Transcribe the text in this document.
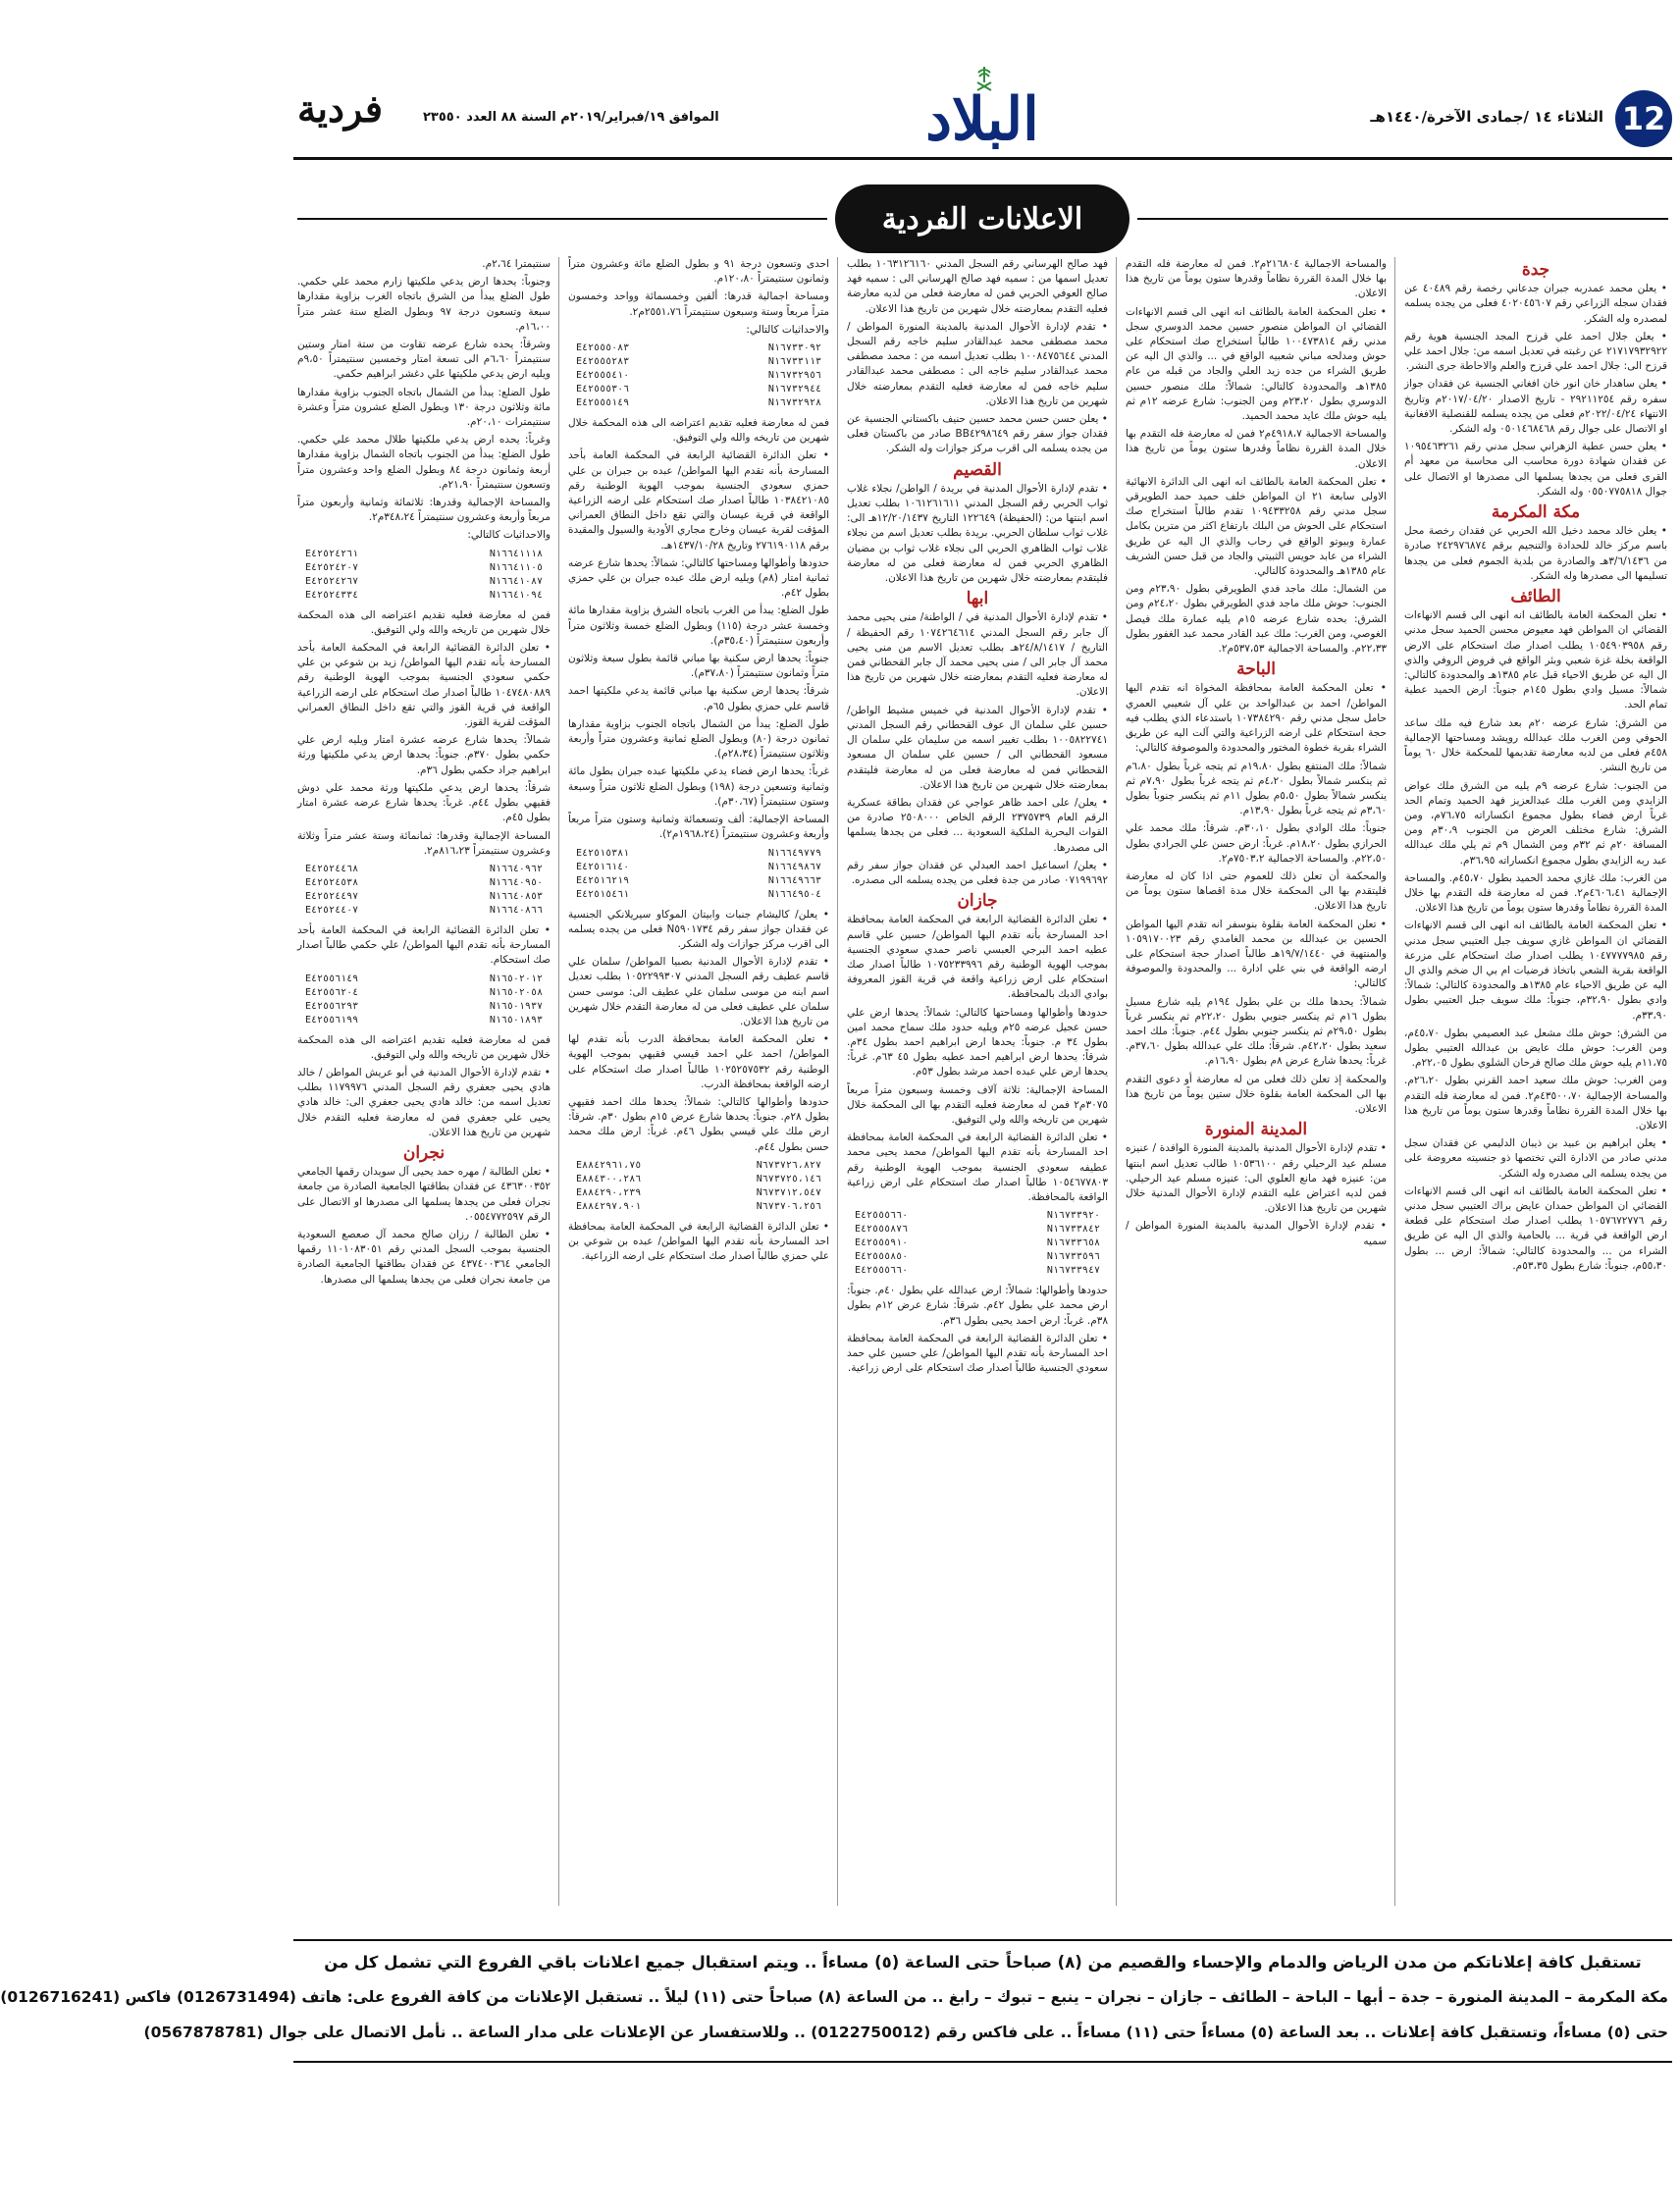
12
الثلاثاء ١٤ /جمادى الآخرة/١٤٤٠هـ
البلاد
الموافق ١٩/فبراير/٢٠١٩م السنة ٨٨ العدد ٢٣٥٥٠
فردية
الاعلانات الفردية
جدة

• يعلن محمد عمدربه جبران جدعاني رخصة رقم ٤٠٤٨٩ عن فقدان سجله الزراعي رقم ٤٠٢٠٤٥٦٠٧ فعلى من يجده يسلمه لمصدره وله الشكر.

• يعلن جلال احمد علي قرزح المجد الجنسية هوية رقم ٢١٧١٧٩٣٢٩٢٢ عن رغبته في تعديل اسمه من: جلال احمد علي قرزح الى: جلال احمد علي قرزح والعلم والاحاطة جرى النشر.

• يعلن ساهدار خان انور خان افغاني الجنسية عن فقدان جواز سفره رقم ٢٩٢١١٢٥٤ - تاريخ الاصدار ٢٠١٧/٠٤/٢٠م وتاريخ الانتهاء ٢٠٢٢/٠٤/٢٤م فعلى من يجده يسلمه للقنصلية الافغانية او الاتصال على جوال رقم ٠٥٠١٤٦٨٤٦٨ وله الشكر.

• يعلن حسن عطية الزهراني سجل مدني رقم ١٠٩٥٤٦٣٢٦١ عن فقدان شهادة دورة محاسب الى محاسبة من معهد أم القرى فعلى من يجدها يسلمها الى مصدرها او الاتصال على جوال ٠٥٥٠٧٧٥٨١٨ وله الشكر.

مكة المكرمة

• يعلن خالد محمد دخيل الله الحربي عن فقدان رخصة محل باسم مركز خالد للحدادة والتنجيم برقم ٢٤٢٩٧٦٨٧٤ صادرة من ٣/٦/١٤٣٦هـ والصادرة من بلدية الجموم فعلى من يجدها تسليمها الى مصدرها وله الشكر.

الطائف

• تعلن المحكمة العامة بالطائف انه انهى الى قسم الانهاءات القضائي ان المواطن فهد معيوض محسن الحميد سجل مدني رقم ١٠٥٤٩٠٣٩٥٨ يطلب اصدار صك استحكام على الارض الواقعة بخلة غزة شعبي وبئر الواقع في فروض الروفي والذي ال اليه عن طريق الاحياء قبل عام ١٣٨٥هـ والمحدودة كالتالي: شمالاً: مسيل وادي بطول ١٤٥م جنوباً: ارض الحميد عطية تمام الحد.

من الشرق: شارع عرضه ٢٠م بعد شارع فيه ملك ساعد الحوفي ومن الغرب ملك عبدالله رويشد ومساحتها الإجمالية ٤٥٨م فعلى من لديه معارضة تقديمها للمحكمة خلال ٦٠ يوماً من تاريخ النشر.

من الجنوب: شارع عرضه ٩م يليه من الشرق ملك عواض الزايدي ومن الغرب ملك عبدالعزيز فهد الحميد وتمام الحد غرباً ارض فضاء بطول مجموع انكساراته ٧٦،٧٥م، ومن الشرق: شارع مختلف العرض من الجنوب ٣٠،٩م ومن المسافة ٢٠م ثم ٣٢م ومن الشمال ٩م ثم يلي ملك عبدالله عبد ربه الزايدي بطول مجموع انكساراته ٣٦،٩٥م.

من الغرب: ملك غازي محمد الحميد بطول ٤٥،٧٠م. والمساحة الإجمالية ٤٦٠٦،٤١م٢. فمن له معارضة فله التقدم بها خلال المدة القررة نظاماً وقدرها ستون يوماً من تاريخ هذا الاعلان.

• تعلن المحكمة العامة بالطائف انه انهى الى قسم الانهاءات القضائي ان المواطن غازي سويف جبل العتيبي سجل مدني رقم ١٠٤٧٧٧٧٩٨٥ يطلب اصدار صك استحكام على مزرعة الواقعة بقرية الشعي باتخاذ فرضيات ام بي ال ضخم والذي ال اليه عن طريق الاحياء عام ١٣٨٥هـ والمحدودة كالتالي: شمالاً: وادي بطول ٣٢،٩٠م، جنوباً: ملك سويف جبل العتيبي بطول ٣٣،٩٠م.

من الشرق: حوش ملك مشعل عبد العصيمي بطول ٤٥،٧٠م، ومن الغرب: حوش ملك عايض بن عبدالله العتيبي بطول ١١،٧٥م يليه حوش ملك صالح فرحان الشلوي بطول ٢٢،٠٥م.

ومن الغرب: حوش ملك سعيد احمد القرني بطول ٢٦،٢٠م. والمساحة الإجمالية ٤٣٥٠٠،٧٠م٢. فمن له معارضة فله التقدم بها خلال المدة القررة نظاماً وقدرها ستون يوماً من تاريخ هذا الاعلان.

• يعلن ابراهيم بن عبيد بن ذيبان الدليمي عن فقدان سجل مدني صادر من الادارة التي تختصها ذو جنسيته معروضة على من يجده يسلمه الى مصدره وله الشكر.

• تعلن المحكمة العامة بالطائف انه انهى الى قسم الانهاءات القضائي ان المواطن حمدان عايض براك العتيبي سجل مدني رقم ١٠٥٧٦٧٢٧٧٦ يطلب اصدار صك استحكام على قطعة ارض الواقعة في قرية ... بالحامية والذي ال اليه عن طريق الشراء من ... والمحدودة كالتالي: شمالاً: ارض ... بطول ٥٥،٣٠م، جنوباً: شارع بطول ٥٣،٣٥م.

والمساحة الاجمالية ٢١٦٨٠٤م٢. فمن له معارضة فله التقدم بها خلال المدة القررة نظاماً وقدرها ستون يوماً من تاريخ هذا الاعلان.

• تعلن المحكمة العامة بالطائف انه انهى الى قسم الانهاءات القضائي ان المواطن منصور حسين محمد الدوسري سجل مدني رقم ١٠٠٤٧٣٨١٤ طالباً استخراج صك استحكام على حوش ومدلحه مباني شعبيه الواقع في ... والذي ال اليه عن طريق الشراء من جده زيد العلي والجاد من قبله من عام ١٣٨٥هـ والمحدودة كالتالي: شمالاً: ملك منصور حسين الدوسري بطول ٢٣،٢٠م ومن الجنوب: شارع عرضه ١٢م ثم يليه حوش ملك عايد محمد الحميد.

والمساحة الاجمالية ٤٩١٨،٧م٢ فمن له معارضة فله التقدم بها خلال المدة القررة نظاماً وقدرها ستون يوماً من تاريخ هذا الاعلان.

• تعلن المحكمة العامة بالطائف انه انهى الى الدائرة الانهائية الاولى سابعة ٢١ ان المواطن خلف حميد حمد الطويرقي سجل مدني رقم ١٠٩٤٣٣٢٥٨ تقدم طالباً استخراج صك استحكام على الحوش من البلك بارتفاع اكثر من مترين بكامل عمارة وبيوتو الواقع في رحاب والذي ال اليه عن طريق الشراء من عابد حويس الثبيتي والجاد من قبل حسن الشريف عام ١٣٨٥هـ والمحدودة كالتالي.

من الشمال: ملك ماجد فدي الطويرقي بطول ٢٣،٩٠م ومن الجنوب: حوش ملك ماجد فدي الطويرقي بطول ٢٤،٢٠م ومن الشرق: بحده شارع عرضه ١٥م يليه عمارة ملك فيصل الغوصي، ومن الغرب: ملك عبد القادر محمد عبد الغفور بطول ٢٢،٣٣م. والمساحة الاجمالية ٥٣٧،٥٣م٢.

الباحة

• تعلن المحكمة العامة بمحافظة المخواة انه تقدم اليها المواطن/ احمد بن عبدالواحد بن علي آل شعيبي العمري حامل سجل مدني رقم ١٠٧٣٨٤٢٩٠ باستدعاء الذي يطلب فيه حجة استحكام على ارضه الزراعية والتي آلت اليه عن طريق الشراء بقرية خطوة المختور والمحدودة والموصوفة كالتالي:

شمالاً: ملك المنتفع بطول ١٩،٨٠م ثم يتجه غرباً بطول ٦،٨٠م ثم ينكسر شمالاً بطول ٤،٢٠م ثم يتجه غرباً بطول ٧،٩٠م ثم ينكسر شمالاً بطول ٥،٥٠م بطول ١١م ثم ينكسر جنوباً بطول ٣،٦٠م ثم يتجه غرباً بطول ١٣،٩٠م.

جنوباً: ملك الوادي بطول ٣٠،١٠م. شرقاً: ملك محمد علي الحرازي بطول ١٨،٢٠م. غرباً: ارض حسن علي الجرادي بطول ٢٢،٥٠م. والمساحة الاجمالية ٧٥٠٣،٢م٢.

والمحكمة أن تعلن ذلك للعموم حتى اذا كان له معارضة فليتقدم بها الى المحكمة خلال مدة اقصاها ستون يوماً من تاريخ هذا الاعلان.

• تعلن المحكمة العامة بقلوة بنوسفر انه تقدم اليها المواطن الحسين بن عبدالله بن محمد الغامدي رقم ١٠٥٩١٧٠٠٢٣ والمنتهية في ١٩/٧/١٤٤٠هـ طالباً اصدار حجة استحكام على ارضه الواقعة في بني علي ادارة ... والمحدودة والموصوفة كالتالي:

شمالاً: يحدها ملك بن علي بطول ١٩٤م يليه شارع مسيل بطول ١٦م ثم ينكسر جنوبي بطول ٢٢،٢٠م ثم ينكسر غرباً بطول ٢٩،٥٠م ثم ينكسر جنوبي بطول ٤٤م. جنوباً: ملك احمد سعيد بطول ٤٢،٢٠م. شرقاً: ملك علي عبدالله بطول ٣٧،٦٠م. غرباً: يحدها شارع عرض ٨م بطول ١٦،٩٠م.

والمحكمة إذ تعلن ذلك فعلى من له معارضة أو دعوى التقدم بها الى المحكمة العامة بقلوة خلال ستين يوماً من تاريخ هذا الاعلان.

المدينة المنورة

• تقدم لإدارة الأحوال المدنية بالمدينة المنورة الوافدة / عنيزه مسلم عيد الرحيلي رقم ١٠٥٣٦١٠٠ طالب تعديل اسم ابنتها من: عنيزه فهد مانع العلوي الى: عنيزه مسلم عيد الرحيلي. فمن لديه اعتراض عليه التقدم لإدارة الأحوال المدنية خلال شهرين من تاريخ هذا الاعلان.

• تقدم لإدارة الأحوال المدنية بالمدينة المنورة المواطن / سميه

فهد صالح الهرساني رقم السجل المدني ١٠٦٣١٢٦١٦٠ بطلب تعديل اسمها من : سميه فهد صالح الهرساني الى : سميه فهد صالح العوفي الحربي فمن له معارضة فعلى من لديه معارضة فعليه التقدم بمعارضته خلال شهرين من تاريخ هذا الاعلان.

• تقدم لإدارة الأحوال المدنية بالمدينة المنورة المواطن / محمد مصطفى محمد عبدالقادر سليم خاجه رقم السجل المدني ١٠٠٨٤٧٥٦٤٤ بطلب تعديل اسمه من : محمد مصطفى محمد عبدالقادر سليم خاجه الى : مصطفى محمد عبدالقادر سليم خاجه فمن له معارضة فعليه التقدم بمعارضته خلال شهرين من تاريخ هذا الاعلان.

• يعلن حسن حسن محمد حسين حنيف باكستاني الجنسية عن فقدان جواز سفر رقم BB٤٢٩٨٦٤٩ صادر من باكستان فعلى من يجده يسلمه الى اقرب مركز جوازات وله الشكر.

القصيم

• تقدم لإدارة الأحوال المدنية في بريدة / الواطن/ نجلاء غلاب ثواب الحربي رقم السجل المدني ١٠٦١٢٦١٦١١ بطلب تعديل اسم ابنتها من: (الحفيظة) ١٢٢٦٤٩ التاريخ ١٢/٢٠/١٤٣٧هـ الى: غلاب ثواب سلطان الحربي. بريدة بطلب تعديل اسم من نجلاء غلاب ثواب الظاهري الحربي الى نجلاء غلاب ثواب بن مضيان الظاهري الحربي فمن له معارضة فعلى من له معارضة فليتقدم بمعارضته خلال شهرين من تاريخ هذا الاعلان.

ابها

• تقدم لإدارة الأحوال المدنية في / الواطنة/ منى يحيى محمد آل جابر رقم السجل المدني ١٠٧٤٢٦٤٦١٤ رقم الحفيظة / التاريخ / ٢٤/٨/١٤١٧هـ بطلب تعديل الاسم من منى يحيى محمد آل جابر الى / منى يحيى محمد آل جابر القحطاني فمن له معارضة فعليه التقدم بمعارضته خلال شهرين من تاريخ هذا الاعلان.

• تقدم لإدارة الأحوال المدنية في خميس مشيط الواطن/حسين علي سلمان ال عوف القحطاني رقم السجل المدني ١٠٠٥٨٢٢٧٤١ بطلب تغيير اسمه من سليمان علي سلمان ال مسعود القحطاني الى / حسين علي سلمان ال مسعود القحطاني فمن له معارضة فعلى من له معارضة فليتقدم بمعارضته خلال شهرين من تاريخ هذا الاعلان.

• يعلن/ على احمد ظاهر عواجي عن فقدان بطاقة عسكرية الرقم العام ٢٣٧٥٧٣٩ الرقم الخاص ٢٥٠٨٠٠٠ صادرة من القوات البحرية الملكية السعودية ... فعلى من يجدها يسلمها الى مصدرها.

• يعلن/ اسماعيل احمد العبدلي عن فقدان جواز سفر رقم ٠٧١٩٩٦٩٢ صادر من جدة فعلى من يجده يسلمه الى مصدره.

جازان

• تعلن الدائرة القضائية الرابعة في المحكمة العامة بمحافظة احد المسارحة بأنه تقدم اليها المواطن/ حسين علي قاسم عطيه احمد البرجي العبسي ناصر حمدي سعودي الجنسية بموجب الهوية الوطنية رقم ١٠٧٥٢٣٣٩٩٦ طالباً اصدار صك استحكام على ارض زراعية واقعة في قرية القوز المعروفة بوادي الدبك بالمحافظة.

حدودها وأطوالها ومساحتها كالتالي: شمالاً: يحدها ارض علي حسن عجيل عرضه ٢٥م ويليه حدود ملك سماح محمد امين بطول ٣٤ م. جنوباً: يحدها ارض ابراهيم احمد بطول ٣٤م. شرقاً: يحدها ارض ابراهيم احمد عطيه بطول ٤٥ ٦٣م. غرباً: يحدها ارض علي عبده احمد مرشد بطول ٥٣م.

المساحة الإجمالية: ثلاثة آلاف وخمسة وسبعون متراً مربعاً ٣٠٧٥م٢ فمن له معارضة فعليه التقدم بها الى المحكمة خلال شهرين من تاريخه والله ولي التوفيق.

• تعلن الدائرة القضائية الرابعة في المحكمة العامة بمحافظة احد المسارحة بأنه تقدم اليها المواطن/ محمد يحيى محمد عطيفه سعودي الجنسية بموجب الهوية الوطنية رقم ١٠٥٤٦٧٧٨٠٣ طالباً اصدار صك استحكام على ارض زراعية الواقعة بالمحافظة.

E٤٢٥٥٥٦٦٠	N١٦٧٣٣٩٢٠
E٤٢٥٥٥٨٧٦	N١٦٧٣٣٨٤٢
E٤٢٥٥٥٩١٠	N١٦٧٣٣٦٥٨
E٤٢٥٥٥٨٥٠	N١٦٧٣٣٥٩٦
E٤٢٥٥٥٦٦٠	N١٦٧٣٣٩٤٧

حدودها وأطوالها: شمالاً: ارض عبدالله علي بطول ٤٠م. جنوباً: ارض محمد علي بطول ٤٢م. شرقاً: شارع عرض ١٢م بطول ٣٨م. غرباً: ارض احمد يحيى بطول ٣٦م.

• تعلن الدائرة القضائية الرابعة في المحكمة العامة بمحافظة احد المسارحة بأنه تقدم اليها المواطن/ علي حسين علي حمد سعودي الجنسية طالباً اصدار صك استحكام على ارض زراعية.

احدى وتسعون درجة ٩١ و بطول الضلع مائة وعشرون متراً وثمانون سنتيمتراً ١٢٠،٨٠م.

ومساحة اجمالية قدرها: ألفين وخمسمائة وواحد وخمسون متراً مربعاً وستة وسبعون سنتيمتراً ٢٥٥١،٧٦م٢.

والاحداثيات كالتالي:

E٤٢٥٥٥٠٨٣	N١٦٧٣٣٠٩٢
E٤٢٥٥٥٢٨٣	N١٦٧٣٣١١٣
E٤٢٥٥٥٤١٠	N١٦٧٣٢٩٥٦
E٤٢٥٥٥٣٠٦	N١٦٧٣٢٩٤٤
E٤٢٥٥٥١٤٩	N١٦٧٣٢٩٢٨

فمن له معارضة فعليه تقديم اعتراضه الى هذه المحكمة خلال شهرين من تاريخه والله ولي التوفيق.

• تعلن الدائرة القضائية الرابعة في المحكمة العامة بأحد المسارحة بأنه تقدم اليها المواطن/ عبده بن جبران بن علي حمزي سعودي الجنسية بموجب الهوية الوطنية رقم ١٠٣٨٤٢١٠٨٥ طالباً اصدار صك استحكام على ارضه الزراعية الواقعة في قرية عيسان والتي تقع داخل النطاق العمراني المؤقت لقرية عيسان وخارج مجاري الأودية والسيول والمقيدة برقم ٢٧٦١٩٠١١٨ وتاريخ ١٤٣٧/١٠/٢٨هـ.

حدودها وأطوالها ومساحتها كالتالي: شمالاً: يحدها شارع عرضه ثمانية امتار (٨م) ويليه ارض ملك عبده جبران بن علي حمزي بطول ٤٢م.

طول الضلع: يبدأ من الغرب باتجاه الشرق بزاوية مقدارها مائة وخمسة عشر درجة (١١٥) وبطول الضلع خمسة وثلاثون متراً وأربعون سنتيمتراً (٣٥،٤٠م).

جنوباً: يحدها ارض سكنية بها مباني قائمة بطول سبعة وثلاثون متراً وثمانون سنتيمتراً (٣٧،٨٠م).

شرقاً: يحدها ارض سكنية بها مباني قائمة يدعي ملكيتها احمد قاسم علي حمزي بطول ٦٥م.

طول الضلع: يبدأ من الشمال باتجاه الجنوب بزاوية مقدارها ثمانون درجة (٨٠) وبطول الضلع ثمانية وعشرون متراً وأربعة وثلاثون سنتيمتراً (٢٨،٣٤م).

غرباً: يحدها ارض فضاء يدعي ملكيتها عبده جبران بطول مائة وثمانية وتسعين درجة (١٩٨) وبطول الضلع ثلاثون متراً وسبعة وستون سنتيمتراً (٣٠،٦٧م).

المساحة الإجمالية: ألف وتسعمائة وثمانية وستون متراً مربعاً وأربعة وعشرون سنتيمتراً (١٩٦٨،٢٤م٢).

E٤٢٥١٥٣٨١	N١٦٦٤٩٧٧٩
E٤٢٥١٦١٤٠	N١٦٦٤٩٨٦٧
E٤٢٥١٦٢١٩	N١٦٦٤٩٦٦٣
E٤٢٥١٥٤٦١	N١٦٦٤٩٥٠٤

• يعلن/ كاليشام جنبات وابيتان الموكاو سيريلانكي الجنسية عن فقدان جواز سفر رقم N٥٩٠١٧٣٤ فعلى من يجده يسلمه الى اقرب مركز جوازات وله الشكر.

• تقدم لإدارة الأحوال المدنية بصبيا المواطن/ سلمان علي قاسم عطيف رقم السجل المدني ١٠٥٢٢٩٩٣٠٧ بطلب تعديل اسم ابنه من موسى سلمان علي عطيف الى: موسى حسن سلمان علي عطيف فعلى من له معارضة التقدم خلال شهرين من تاريخ هذا الاعلان.

• تعلن المحكمة العامة بمحافظة الدرب بأنه تقدم لها المواطن/ احمد علي احمد قيسي فقيهي بموجب الهوية الوطنية رقم ١٠٢٥٢٥٧٥٣٢ طالباً اصدار صك استحكام على ارضه الواقعة بمحافظة الدرب.

حدودها وأطوالها كالتالي: شمالاً: يحدها ملك احمد فقيهي بطول ٢٨م. جنوباً: يحدها شارع عرض ١٥م بطول ٣٠م. شرقاً: ارض ملك علي قيسي بطول ٤٦م. غرباً: ارض ملك محمد حسن بطول ٤٤م.

E٨٨٤٢٩٦١،٧٥	N٦٧٣٧٢٦،٨٢٧
E٨٨٤٣٠٠،٢٨٦	N٦٧٣٧٢٥،١٤٦
E٨٨٤٢٩٠،٢٣٩	N٦٧٣٧١٢،٥٤٧
E٨٨٤٢٩٧،٩٠١	N٦٧٣٧٠٦،٢٥٦

• تعلن الدائرة القضائية الرابعة في المحكمة العامة بمحافظة احد المسارحة بأنه تقدم اليها المواطن/ عبده بن شوعي بن علي حمزي طالباً اصدار صك استحكام على ارضه الزراعية.

سنتيمترا ٢،٦٤م.

وجنوباً: يحدها ارض يدعي ملكيتها زارم محمد علي حكمي. طول الضلع يبدأ من الشرق باتجاه الغرب بزاوية مقدارها سبعة وتسعون درجة ٩٧ وبطول الضلع ستة عشر متراً ١٦،٠٠م.

وشرقاً: يحده شارع عرضه تقاوت من ستة امتار وستين سنتيمتراً ٦،٦٠م الى تسعة امتار وخمسين سنتيمتراً ٩،٥٠م ويليه ارض يدعي ملكيتها علي دغشر ابراهيم حكمي.

طول الضلع: يبدأ من الشمال باتجاه الجنوب بزاوية مقدارها مائة وثلاثون درجة ١٣٠ وبطول الضلع عشرون متراً وعشرة سنتيمترات ٢٠،١٠م.

وغرباً: يحده ارض يدعي ملكيتها طلال محمد علي حكمي. طول الضلع: يبدأ من الجنوب باتجاه الشمال بزاوية مقدارها أربعة وثمانون درجة ٨٤ وبطول الضلع واحد وعشرون متراً وتسعون سنتيمتراً ٢١،٩٠م.

والمساحة الإجمالية وقدرها: ثلاثمائة وثمانية وأربعون متراً مربعاً وأربعة وعشرون سنتيمتراً ٣٤٨،٢٤م٢.

والاحداثيات كالتالي:

E٤٢٥٢٤٢٦١	N١٦٦٤١١١٨
E٤٢٥٢٤٢٠٧	N١٦٦٤١١٠٥
E٤٢٥٢٤٢٦٧	N١٦٦٤١٠٨٧
E٤٢٥٢٤٣٣٤	N١٦٦٤١٠٩٤

فمن له معارضة فعليه تقديم اعتراضه الى هذه المحكمة خلال شهرين من تاريخه والله ولي التوفيق.

• تعلن الدائرة القضائية الرابعة في المحكمة العامة بأحد المسارحة بأنه تقدم اليها المواطن/ زيد بن شوعي بن علي حكمي سعودي الجنسية بموجب الهوية الوطنية رقم ١٠٤٧٤٨٠٨٨٩ طالباً اصدار صك استحكام على ارضه الزراعية الواقعة في قرية القوز والتي تقع داخل النطاق العمراني المؤقت لقرية القوز.

شمالاً: يحدها شارع عرضه عشرة امتار ويليه ارض علي حكمي بطول ٣٧٠م. جنوباً: يحدها ارض يدعي ملكيتها ورثة ابراهيم جراد حكمي بطول ٣٦م.

شرقاً: يحدها ارض يدعي ملكيتها ورثة محمد علي دوش فقيهي بطول ٤٤م. غرباً: يحدها شارع عرضه عشرة امتار بطول ٤٥م.

المساحة الإجمالية وقدرها: ثمانمائة وستة عشر متراً وثلاثة وعشرون سنتيمتراً ٨١٦،٢٣م٢.

E٤٢٥٢٤٤٦٨	N١٦٦٤٠٩٦٢
E٤٢٥٢٤٥٣٨	N١٦٦٤٠٩٥٠
E٤٢٥٢٤٤٩٧	N١٦٦٤٠٨٥٣
E٤٢٥٢٤٤٠٧	N١٦٦٤٠٨٦٦

• تعلن الدائرة القضائية الرابعة في المحكمة العامة بأحد المسارحة بأنه تقدم اليها المواطن/ علي حكمي طالباً اصدار صك استحكام.

E٤٢٥٥٦١٤٩	N١٦٥٠٢٠١٢
E٤٢٥٥٦٢٠٤	N١٦٥٠٢٠٥٨
E٤٢٥٥٦٢٩٣	N١٦٥٠١٩٣٧
E٤٢٥٥٦١٩٩	N١٦٥٠١٨٩٣

فمن له معارضة فعليه تقديم اعتراضه الى هذه المحكمة خلال شهرين من تاريخه والله ولي التوفيق.

• تقدم لإدارة الأحوال المدنية في أبو عريش المواطن / خالد هادي يحيى جعفري رقم السجل المدني ١١٧٩٩٧٦ بطلب تعديل اسمه من: خالد هادي يحيى جعفري الى: خالد هادي يحيى علي جعفري فمن له معارضة فعليه التقدم خلال شهرين من تاريخ هذا الاعلان.

نجران

• تعلن الطالبة / مهره حمد يحيى آل سويدان رقمها الجامعي ٤٣٦٣٠٠٣٥٢ عن فقدان بطاقتها الجامعية الصادرة من جامعة نجران فعلى من يجدها يسلمها الى مصدرها او الاتصال على الرقم ٠٥٥٤٧٧٢٥٩٧.

• تعلن الطالبة / رزان صالح محمد آل صعصع السعودية الجنسية بموجب السجل المدني رقم ١١٠١٠٨٣٠٥١ رقمها الجامعي ٤٣٧٤٠٠٣٦٤ عن فقدان بطاقتها الجامعية الصادرة من جامعة نجران فعلى من يجدها يسلمها الى مصدرها.

تستقبل كافة إعلاناتكم من مدن الرياض والدمام والإحساء والقصيم من (٨) صباحاً حتى الساعة (٥) مساءاً .. ويتم استقبال جميع اعلانات باقي الفروع التي تشمل كل من
مكة المكرمة – المدينة المنورة – جدة – أبها – الباحة – الطائف – جازان – نجران – ينبع – تبوك – رابغ .. من الساعة (٨) صباحاً حتى (١١) ليلاً .. تستقبل الإعلانات من كافة الفروع على: هاتف (0126731494) فاكس (0126716241)
حتى (٥) مساءاً، وتستقبل كافة إعلانات .. بعد الساعة (٥) مساءاً حتى (١١) مساءاً .. على فاكس رقم (0122750012) .. وللاستفسار عن الإعلانات على مدار الساعة .. نأمل الاتصال على جوال (0567878781)
